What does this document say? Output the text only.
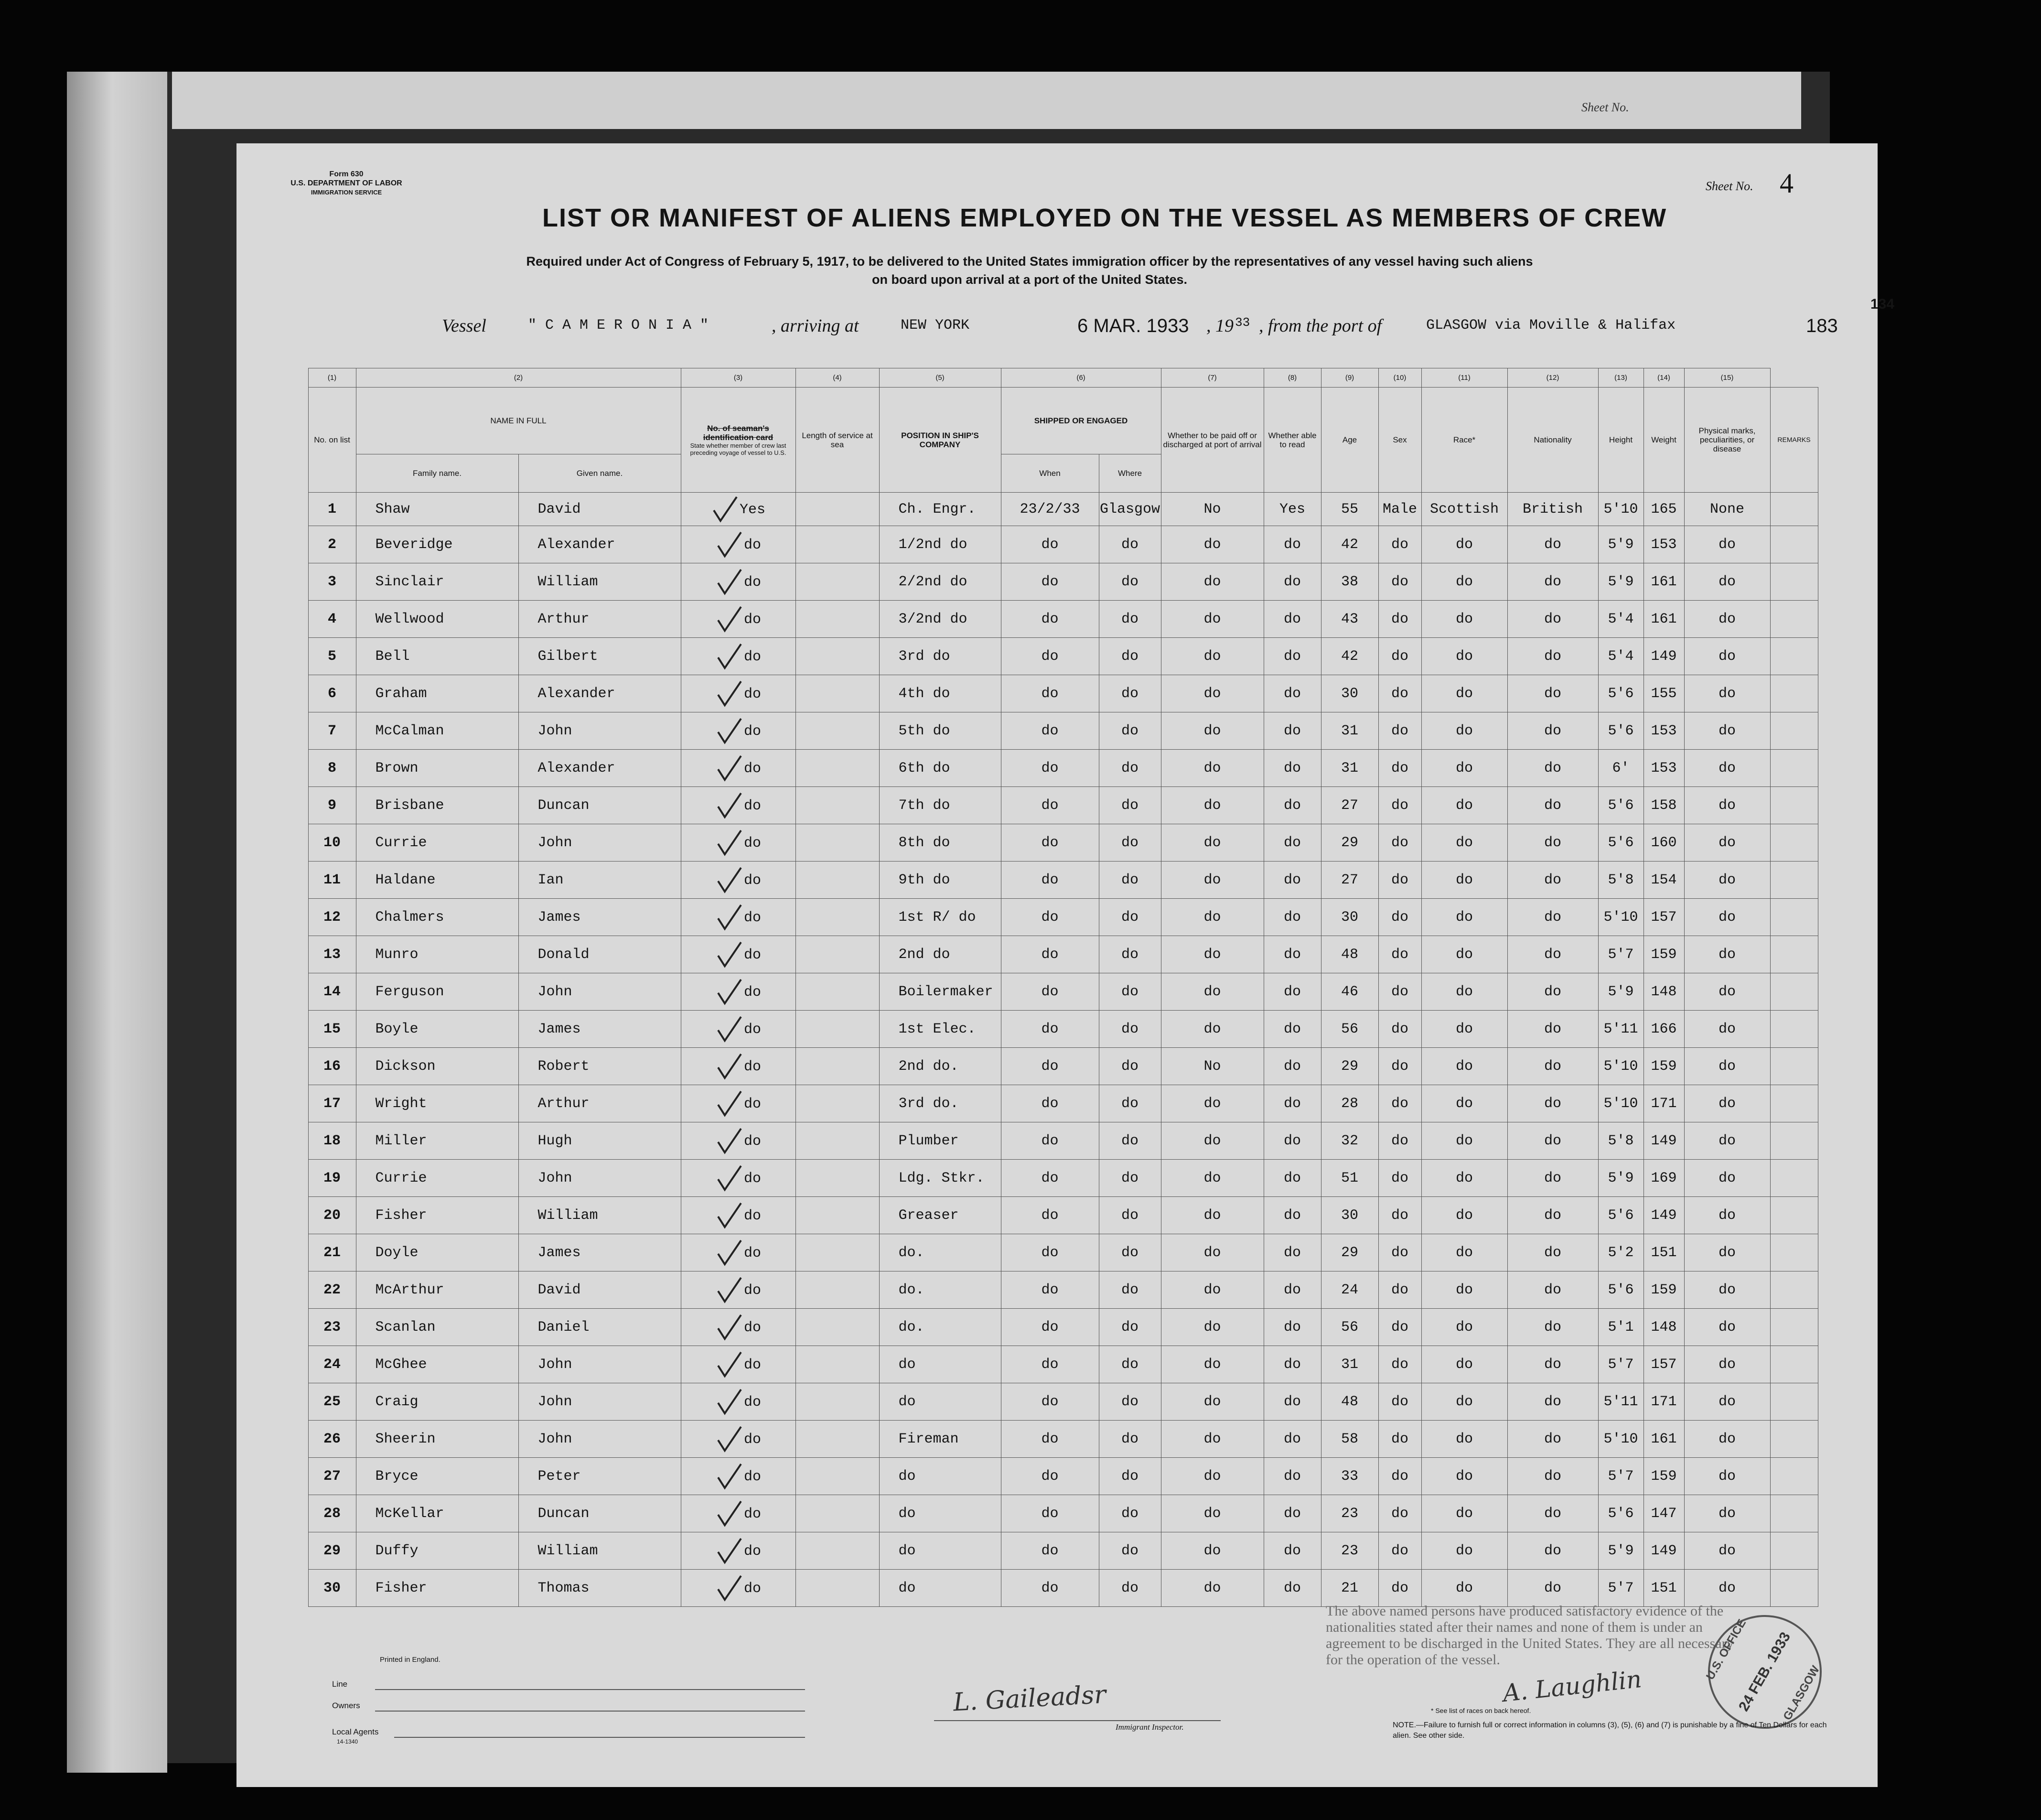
Sheet No.
Form 630
U.S. DEPARTMENT OF LABOR
IMMIGRATION SERVICE	Sheet No. 4
134
LIST OR MANIFEST OF ALIENS EMPLOYED ON THE VESSEL AS MEMBERS OF CREW
Required under Act of Congress of February 5, 1917, to be delivered to the United States immigration officer by the representatives of any vessel having such aliens
on board upon arrival at a port of the United States.
Vessel	" C A M E R O N I A "	, arriving at	NEW YORK	6 MAR. 1933 , 19 33 , from the port of	GLASGOW via Moville & Halifax	183
	(1)	(2)		(3)	(4)	(5)	(6)		(7)	(8)	(9)	(10)	(11)	(12)	(13)	(14)	(15)	
	No. on list	NAME IN FULL		No. of seaman's identification card
State whether member of crew last preceding voyage of vessel to U.S.	Length of service at sea	POSITION IN SHIP'S COMPANY	SHIPPED OR ENGAGED		Whether to be paid off or discharged at port of arrival	Whether able to read	Age	Sex	Race*	Nationality	Height	Weight	Physical marks, peculiarities, or disease	REMARKS
		Family name.	Given name.				When	Where										
	1	Shaw	David	Yes		Ch. Engr.	23/2/33	Glasgow	No	Yes	55	Male	Scottish	British	5'10	165	None	
	2	Beveridge	Alexander	do		1/2nd do	do	do	do	do	42	do	do	do	5'9	153	do	
	3	Sinclair	William	do		2/2nd do	do	do	do	do	38	do	do	do	5'9	161	do	
	4	Wellwood	Arthur	do		3/2nd do	do	do	do	do	43	do	do	do	5'4	161	do	
	5	Bell	Gilbert	do		3rd do	do	do	do	do	42	do	do	do	5'4	149	do	
	6	Graham	Alexander	do		4th do	do	do	do	do	30	do	do	do	5'6	155	do	
	7	McCalman	John	do		5th do	do	do	do	do	31	do	do	do	5'6	153	do	
	8	Brown	Alexander	do		6th do	do	do	do	do	31	do	do	do	6'	153	do	
	9	Brisbane	Duncan	do		7th do	do	do	do	do	27	do	do	do	5'6	158	do	
	10	Currie	John	do		8th do	do	do	do	do	29	do	do	do	5'6	160	do	
	11	Haldane	Ian	do		9th do	do	do	do	do	27	do	do	do	5'8	154	do	
	12	Chalmers	James	do		1st R/ do	do	do	do	do	30	do	do	do	5'10	157	do	
	13	Munro	Donald	do		2nd do	do	do	do	do	48	do	do	do	5'7	159	do	
	14	Ferguson	John	do		Boilermaker	do	do	do	do	46	do	do	do	5'9	148	do	
	15	Boyle	James	do		1st Elec.	do	do	do	do	56	do	do	do	5'11	166	do	
	16	Dickson	Robert	do		2nd do.	do	do	No	do	29	do	do	do	5'10	159	do	
	17	Wright	Arthur	do		3rd do.	do	do	do	do	28	do	do	do	5'10	171	do	
	18	Miller	Hugh	do		Plumber	do	do	do	do	32	do	do	do	5'8	149	do	
	19	Currie	John	do		Ldg. Stkr.	do	do	do	do	51	do	do	do	5'9	169	do	
	20	Fisher	William	do		Greaser	do	do	do	do	30	do	do	do	5'6	149	do	
	21	Doyle	James	do		do.	do	do	do	do	29	do	do	do	5'2	151	do	
	22	McArthur	David	do		do.	do	do	do	do	24	do	do	do	5'6	159	do	
	23	Scanlan	Daniel	do		do.	do	do	do	do	56	do	do	do	5'1	148	do	
	24	McGhee	John	do		do	do	do	do	do	31	do	do	do	5'7	157	do	
	25	Craig	John	do		do	do	do	do	do	48	do	do	do	5'11	171	do	
	26	Sheerin	John	do		Fireman	do	do	do	do	58	do	do	do	5'10	161	do	
	27	Bryce	Peter	do		do	do	do	do	do	33	do	do	do	5'7	159	do	
	28	McKellar	Duncan	do		do	do	do	do	do	23	do	do	do	5'6	147	do	
	29	Duffy	William	do		do	do	do	do	do	23	do	do	do	5'9	149	do	
	30	Fisher	Thomas	do		do	do	do	do	do	21	do	do	do	5'7	151	do	
Printed in England.
Line
Owners
Local Agents
14-1340
L. Gaileadsr
Immigrant Inspector.
The above named persons have produced satisfactory evidence of the nationalities stated after their names and none of them is under an agreement to be discharged in the United States. They are all necessary for the operation of the vessel.
A. Laughlin
U.S. OFFICE
24 FEB. 1933
GLASGOW
* See list of races on back hereof.
NOTE.—Failure to furnish full or correct information in columns (3), (5), (6) and (7) is punishable by a fine of Ten Dollars for each alien. See other side.
